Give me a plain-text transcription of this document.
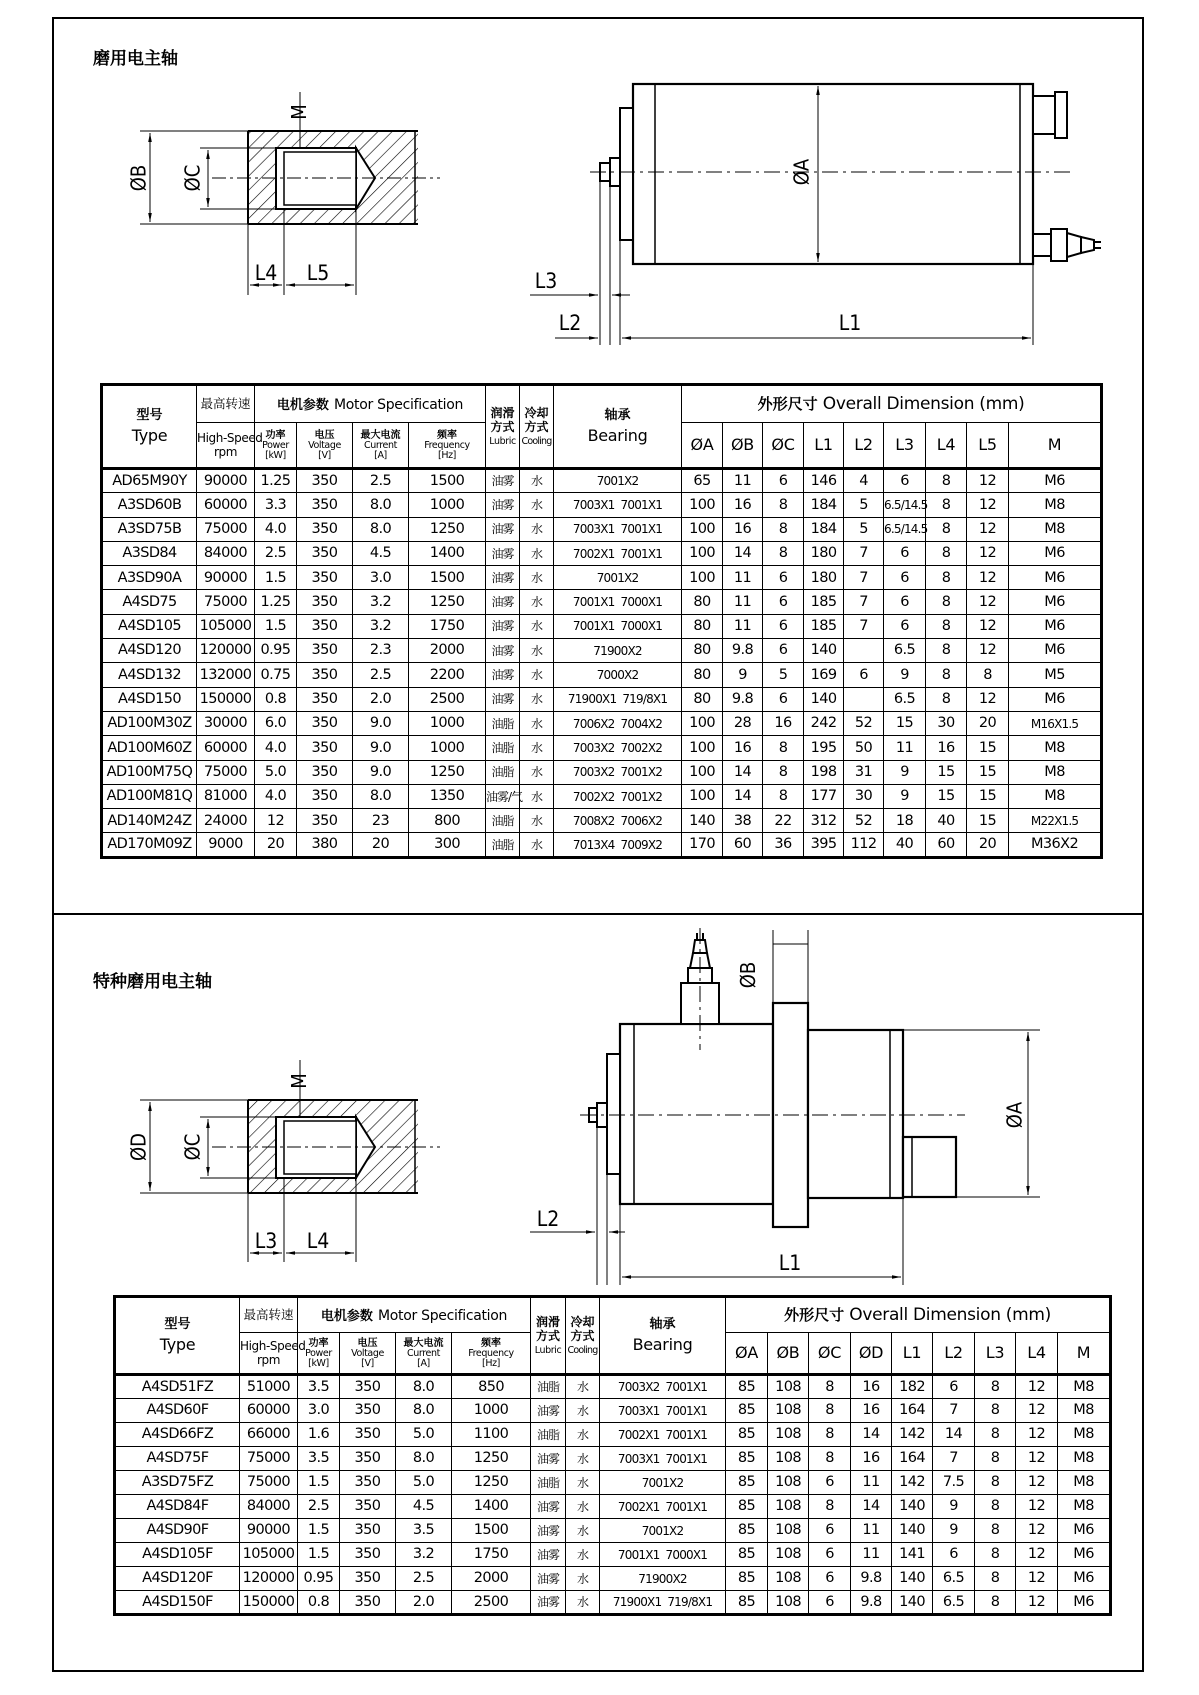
磨用电主轴
M
ØB ØC
L4 L5
ØA
L3
L2	L1
型号
Type	最高转速	电机参数 Motor Specification				润滑
方式
Lubric	冷却
方式
Cooling	轴承
Bearing	外形尺寸 Overall Dimension (mm)								

	High-Speed
rpm	功率
Power
[kW]	电压
Voltage
[V]	最大电流
Current
[A]	频率
Frequency
[Hz]				ØA	ØB	ØC	L1	L2	L3	L4	L5	M
AD65M90Y	90000	1.25	350	2.5	1500	油雾	水	7001X2	65	11	6	146	4	6	8	12	M6
A3SD60B	60000	3.3	350	8.0	1000	油雾	水	7003X1  7001X1	100	16	8	184	5	6.5/14.5	8	12	M8
A3SD75B	75000	4.0	350	8.0	1250	油雾	水	7003X1  7001X1	100	16	8	184	5	6.5/14.5	8	12	M8
A3SD84	84000	2.5	350	4.5	1400	油雾	水	7002X1  7001X1	100	14	8	180	7	6	8	12	M6
A3SD90A	90000	1.5	350	3.0	1500	油雾	水	7001X2	100	11	6	180	7	6	8	12	M6
A4SD75	75000	1.25	350	3.2	1250	油雾	水	7001X1  7000X1	80	11	6	185	7	6	8	12	M6
A4SD105	105000	1.5	350	3.2	1750	油雾	水	7001X1  7000X1	80	11	6	185	7	6	8	12	M6
A4SD120	120000	0.95	350	2.3	2000	油雾	水	71900X2	80	9.8	6	140		6.5	8	12	M6
A4SD132	132000	0.75	350	2.5	2200	油雾	水	7000X2	80	9	5	169	6	9	8	8	M5
A4SD150	150000	0.8	350	2.0	2500	油雾	水	71900X1  719/8X1	80	9.8	6	140		6.5	8	12	M6
AD100M30Z	30000	6.0	350	9.0	1000	油脂	水	7006X2  7004X2	100	28	16	242	52	15	30	20	M16X1.5
AD100M60Z	60000	4.0	350	9.0	1000	油脂	水	7003X2  7002X2	100	16	8	195	50	11	16	15	M8
AD100M75Q	75000	5.0	350	9.0	1250	油脂	水	7003X2  7001X2	100	14	8	198	31	9	15	15	M8
AD100M81Q	81000	4.0	350	8.0	1350	油雾/气	水	7002X2  7001X2	100	14	8	177	30	9	15	15	M8
AD140M24Z	24000	12	350	23	800	油脂	水	7008X2  7006X2	140	38	22	312	52	18	40	15	M22X1.5
AD170M09Z	9000	20	380	20	300	油脂	水	7013X4  7009X2	170	60	36	395	112	40	60	20	M36X2
特种磨用电主轴
M
ØD ØC
L3 L4
ØB
ØA
L2
L1
型号
Type	最高转速	电机参数 Motor Specification				润滑
方式
Lubric	冷却
方式
Cooling	轴承
Bearing	外形尺寸 Overall Dimension (mm)								

	High-Speed
rpm	功率
Power
[kW]	电压
Voltage
[V]	最大电流
Current
[A]	频率
Frequency
[Hz]				ØA	ØB	ØC	ØD	L1	L2	L3	L4	M
A4SD51FZ	51000	3.5	350	8.0	850	油脂	水	7003X2  7001X1	85	108	8	16	182	6	8	12	M8
A4SD60F	60000	3.0	350	8.0	1000	油雾	水	7003X1  7001X1	85	108	8	16	164	7	8	12	M8
A4SD66FZ	66000	1.6	350	5.0	1100	油脂	水	7002X1  7001X1	85	108	8	14	142	14	8	12	M8
A4SD75F	75000	3.5	350	8.0	1250	油雾	水	7003X1  7001X1	85	108	8	16	164	7	8	12	M8
A3SD75FZ	75000	1.5	350	5.0	1250	油脂	水	7001X2	85	108	6	11	142	7.5	8	12	M8
A4SD84F	84000	2.5	350	4.5	1400	油雾	水	7002X1  7001X1	85	108	8	14	140	9	8	12	M8
A4SD90F	90000	1.5	350	3.5	1500	油雾	水	7001X2	85	108	6	11	140	9	8	12	M6
A4SD105F	105000	1.5	350	3.2	1750	油雾	水	7001X1  7000X1	85	108	6	11	141	6	8	12	M6
A4SD120F	120000	0.95	350	2.5	2000	油雾	水	71900X2	85	108	6	9.8	140	6.5	8	12	M6
A4SD150F	150000	0.8	350	2.0	2500	油雾	水	71900X1  719/8X1	85	108	6	9.8	140	6.5	8	12	M6
